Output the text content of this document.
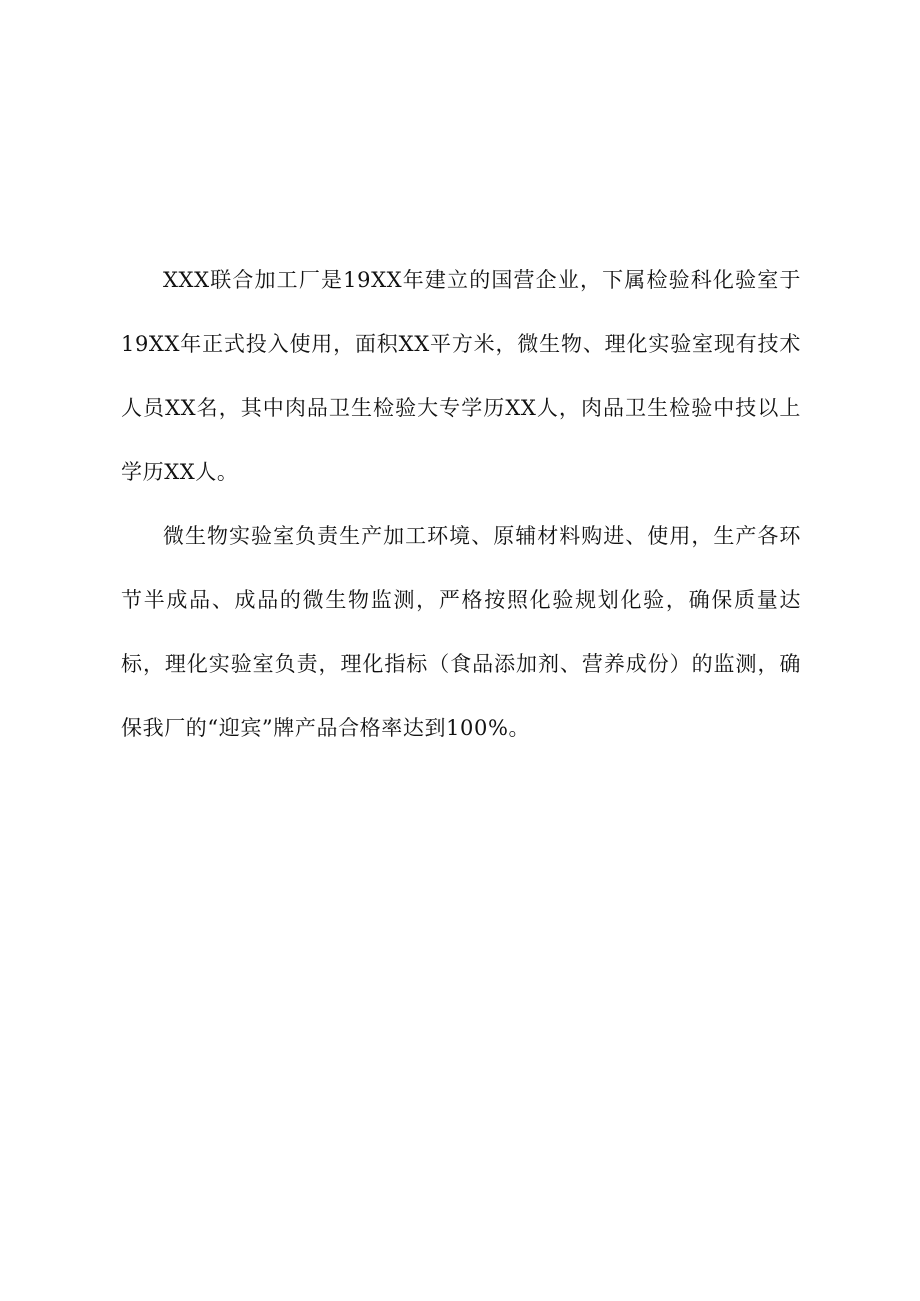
XXX联合加工厂是19XX年建立的国营企业，下属检验科化验室于19XX年正式投入使用，面积XX平方米，微生物、理化实验室现有技术人员XX名，其中肉品卫生检验大专学历XX人，肉品卫生检验中技以上学历XX人。

微生物实验室负责生产加工环境、原辅材料购进、使用，生产各环节半成品、成品的微生物监测，严格按照化验规划化验，确保质量达标，理化实验室负责，理化指标（食品添加剂、营养成份）的监测，确保我厂的“迎宾”牌产品合格率达到100%。
